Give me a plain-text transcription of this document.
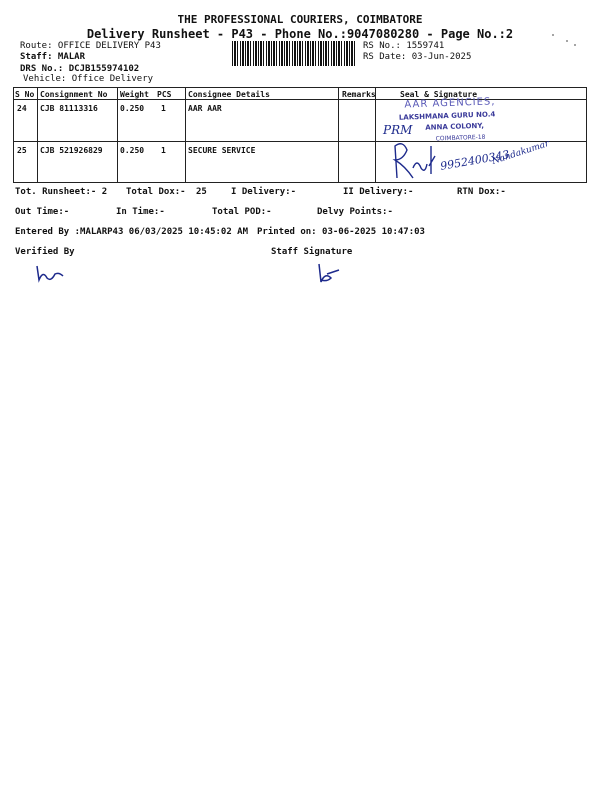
THE PROFESSIONAL COURIERS, COIMBATORE
Delivery Runsheet - P43 - Phone No.:9047080280 - Page No.:2
Route: OFFICE DELIVERY P43
Staff: MALAR
DRS No.: DCJB155974102
Vehicle: Office Delivery
RS No.: 1559741
RS Date: 03-Jun-2025
S No Consignment No Weight PCS Consignee Details	Remarks	Seal & Signature
24 CJB 81113316	0.250 1	AAR AAR
25 CJB 521926829 0.250 1	SECURE SERVICE
AAR AGENCIES,
LAKSHMANA GURU NO.4
ANNA COLONY,
COIMBATORE-18
PRM
9952400343
Nandakumar
Tot. Runsheet:- 2 Total Dox:- 25	I Delivery:-	II Delivery:-	RTN Dox:-
Out Time:-	In Time:-	Total POD:-	Delvy Points:-
Entered By :MALARP43 06/03/2025 10:45:02 AM Printed on: 03-06-2025 10:47:03
Verified By	Staff Signature
